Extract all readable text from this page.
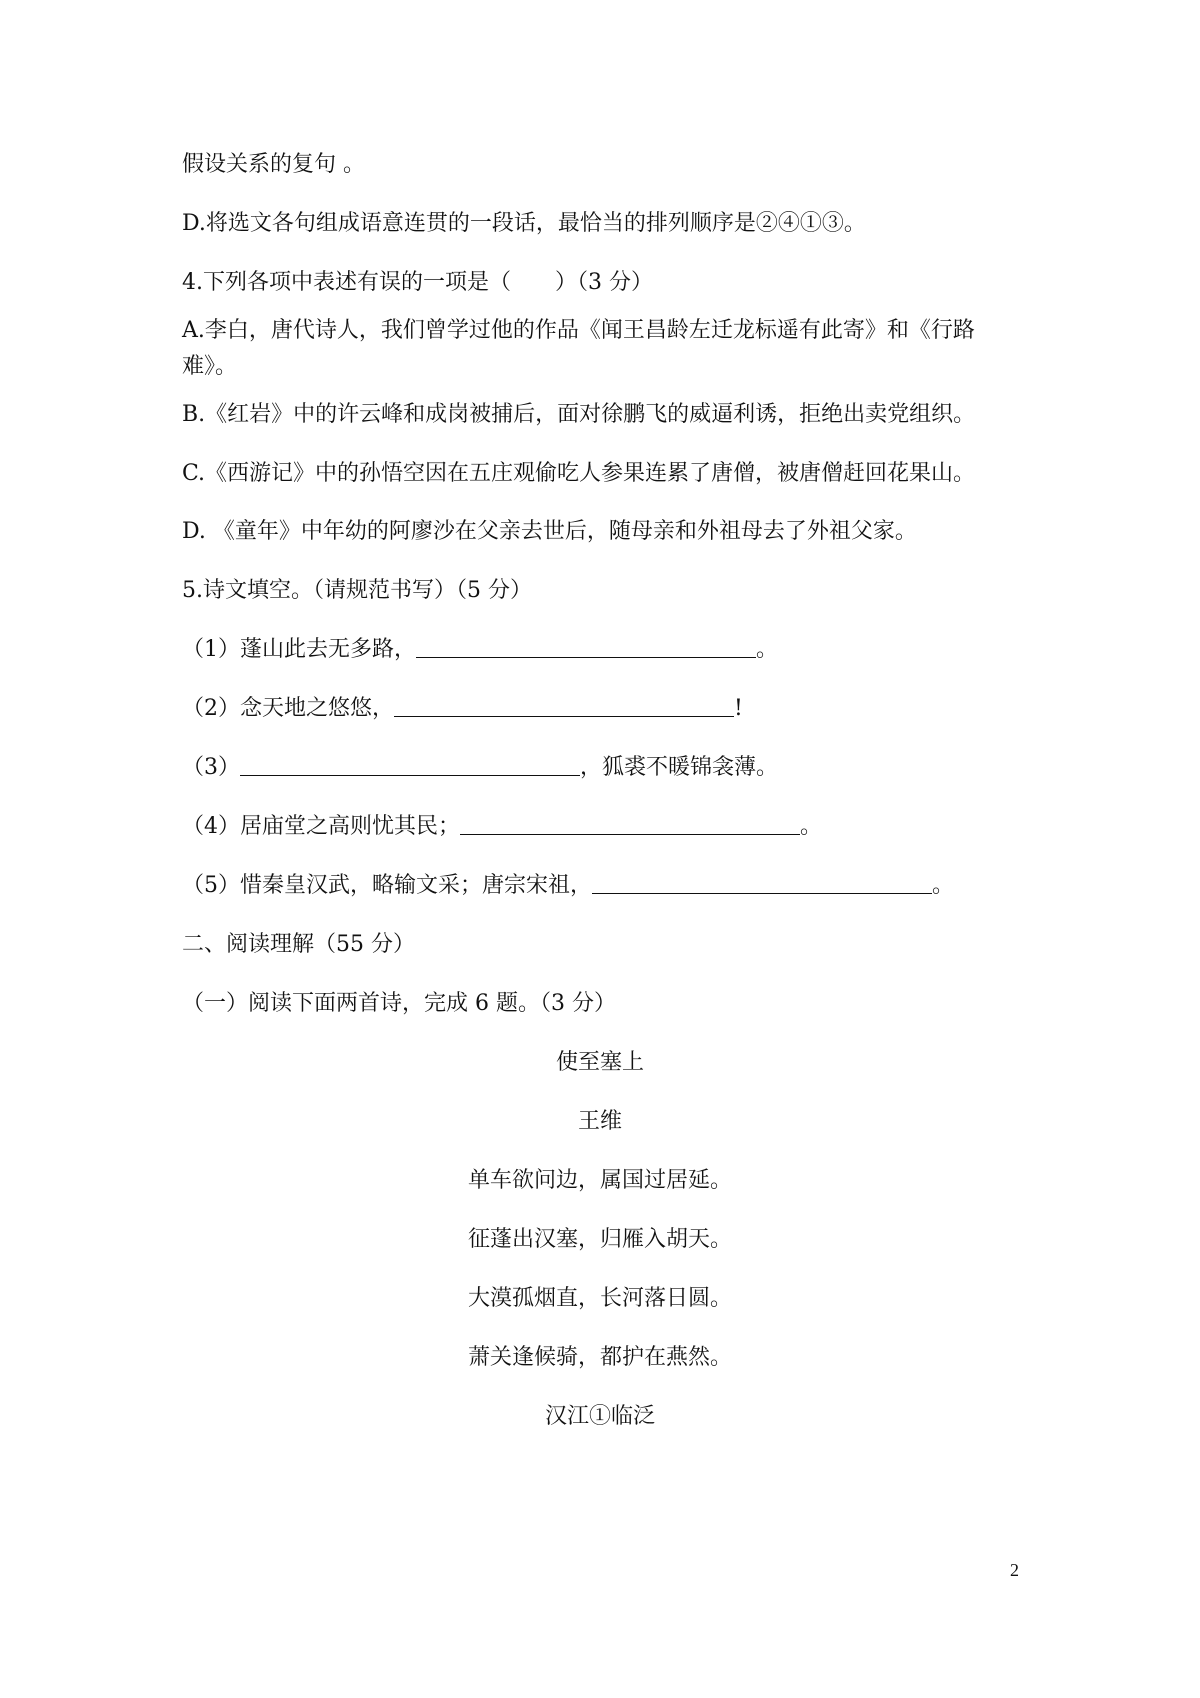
假设关系的复句 。
D.将选文各句组成语意连贯的一段话，最恰当的排列顺序是②④①③。
4.下列各项中表述有误的一项是（　　）（3 分）
A.李白，唐代诗人，我们曾学过他的作品《闻王昌龄左迁龙标遥有此寄》和《行路难》。
B.《红岩》中的许云峰和成岗被捕后，面对徐鹏飞的威逼利诱，拒绝出卖党组织。
C.《西游记》中的孙悟空因在五庄观偷吃人参果连累了唐僧，被唐僧赶回花果山。
D. 《童年》中年幼的阿廖沙在父亲去世后，随母亲和外祖母去了外祖父家。
5.诗文填空。（请规范书写）（5 分）
（1）蓬山此去无多路，	。
（2）念天地之悠悠，	!
（3）	，狐裘不暖锦衾薄。
（4）居庙堂之高则忧其民；	。
（5）惜秦皇汉武，略输文采；唐宗宋祖，	。
二、阅读理解（55 分）
（一）阅读下面两首诗，完成 6 题。（3 分）
使至塞上
王维
单车欲问边，属国过居延。
征蓬出汉塞，归雁入胡天。
大漠孤烟直，长河落日圆。
萧关逢候骑，都护在燕然。
汉江①临泛
2
